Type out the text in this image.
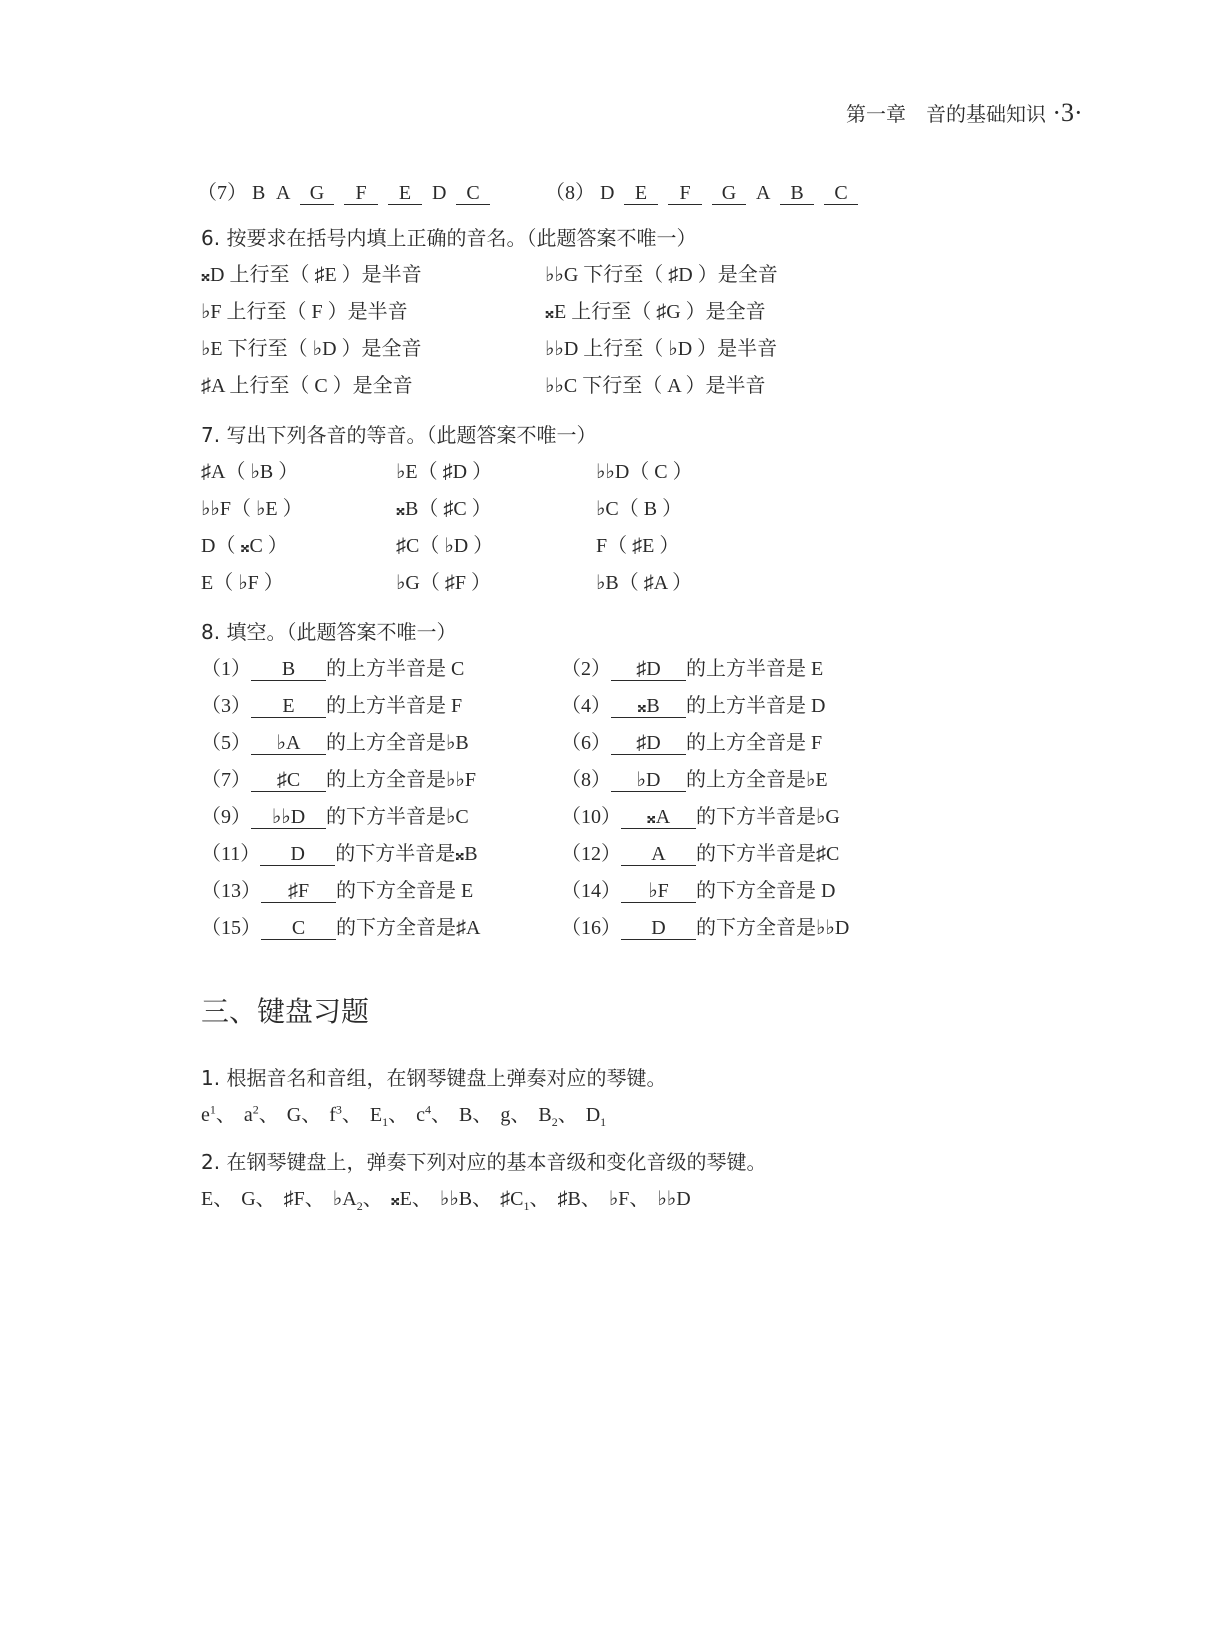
第一章　音的基础知识 ·3·
（7） B A G F E D C	（8） D E F G A B C
6. 按要求在括号内填上正确的音名。（此题答案不唯一）
𝄪D 上行至（ ♯E ）是半音	♭♭G 下行至（ ♯D ）是全音
♭F 上行至（ F ）是半音	𝄪E 上行至（ ♯G ）是全音
♭E 下行至（ ♭D ）是全音	♭♭D 上行至（ ♭D ）是半音
♯A 上行至（ C ）是全音	♭♭C 下行至（ A ）是半音
7. 写出下列各音的等音。（此题答案不唯一）
♯A（ ♭B ）	♭E（ ♯D ）	♭♭D（ C ）
♭♭F（ ♭E ）	𝄪B（ ♯C ）	♭C（ B ）
D（ 𝄪C ）	♯C（ ♭D ）	F（ ♯E ）
E（ ♭F ）	♭G（ ♯F ）	♭B（ ♯A ）
8. 填空。（此题答案不唯一）
（1） B 的上方半音是 C	（2） ♯D 的上方半音是 E
（3） E 的上方半音是 F	（4） 𝄪B 的上方半音是 D
（5） ♭A 的上方全音是♭B	（6） ♯D 的上方全音是 F
（7） ♯C 的上方全音是♭♭F	（8） ♭D 的上方全音是♭E
（9） ♭♭D 的下方半音是♭C	（10） 𝄪A 的下方半音是♭G
（11） D 的下方半音是𝄪B	（12） A 的下方半音是♯C
（13） ♯F 的下方全音是 E	（14） ♭F 的下方全音是 D
（15） C 的下方全音是♯A	（16） D 的下方全音是♭♭D
三、键盘习题
1. 根据音名和音组，在钢琴键盘上弹奏对应的琴键。
$e^1$、 $a^2$、 G、 $f^3$、 $E_1$、 $c^4$、 B、 g、 $B_2$、 $D_1$
2. 在钢琴键盘上，弹奏下列对应的基本音级和变化音级的琴键。
E、 G、 ♯F、 $♭A_2$、 𝄪E、 ♭♭B、 $♯C_1$、 ♯B、 ♭F、 ♭♭D
